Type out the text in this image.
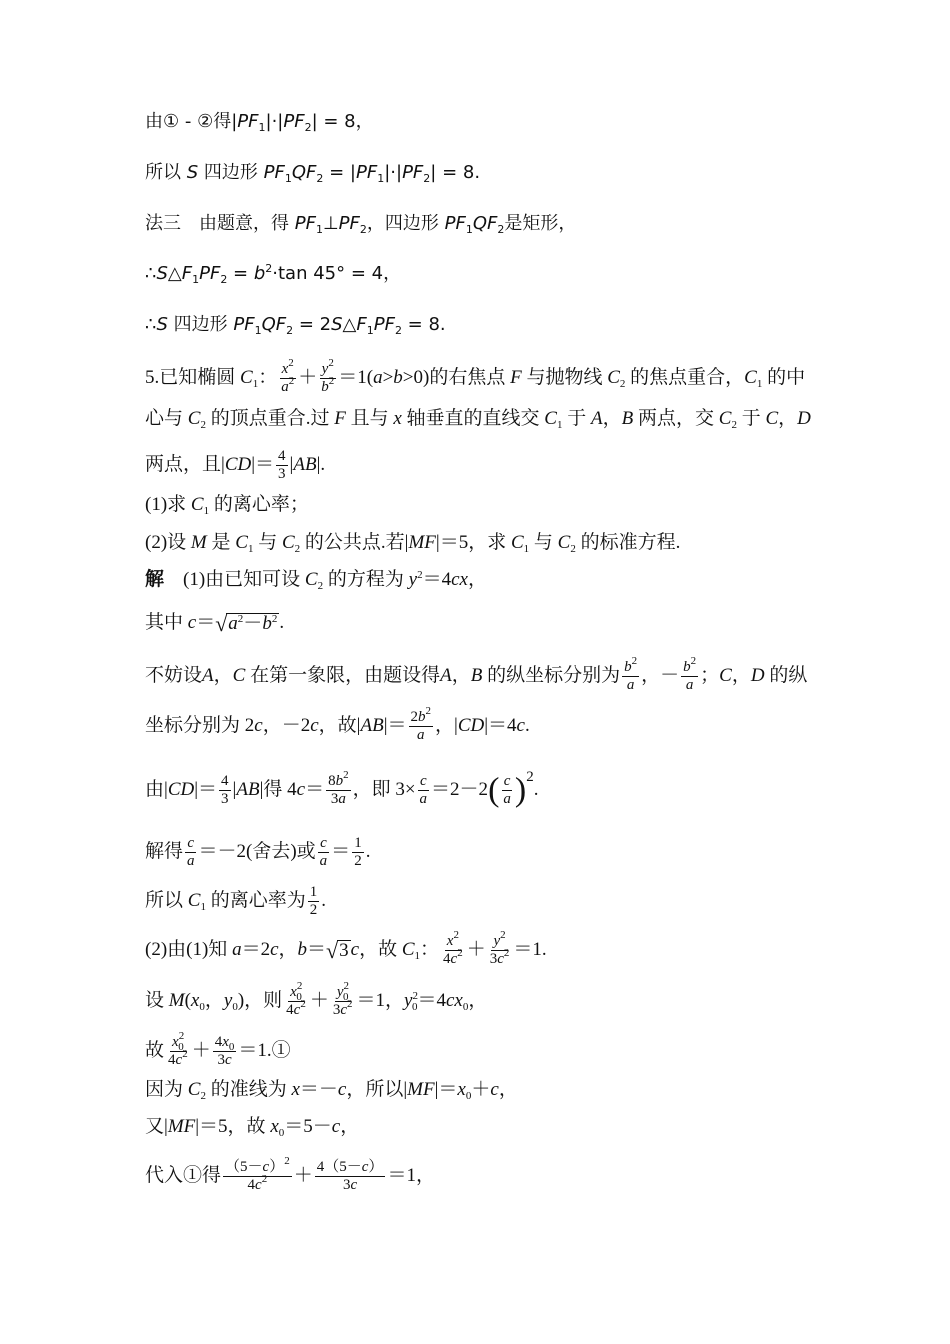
由① - ②得$|PF_1|\cdot|PF_2| = 8$，
所以 S 四边形 $PF_1QF_2 = |PF_1|\cdot|PF_2| = 8$.
法三　由题意，得 $PF_1\perp PF_2$，四边形 $PF_1QF_2$是矩形，
$\therefore S\triangle F_1PF_2 = b^2\cdot\tan$ 45° = 4，
∴S 四边形 $PF_1QF_2$ = $2S\triangle F_1PF_2 = 8$.
5.已知椭圆 $C_1$： $\frac{x^2}{a^2} + \frac{y^2}{b^2} =1(a>b>0)$的右焦点 F 与抛物线 $C_2$ 的焦点重合，$C_1$ 的中
心与 $C_2$ 的顶点重合.过 F 且与 x 轴垂直的直线交 $C_1$ 于 A，B 两点，交 $C_2$ 于 C，D
两点，且$|CD|= \frac{4}{3} |AB|$.
(1)求 $C_1$ 的离心率；
(2)设 M 是 $C_1$ 与 $C_2$ 的公共点.若|MF|＝5，求 $C_1$ 与 $C_2$ 的标准方程.
解　(1)由已知可设 $C_2$ 的方程为 $y^2=4cx$，
其中 c＝ √ $a^2-b^2$ .
不妨设A，C 在第一象限，由题设得A，B 的纵坐标分别为 $\frac{b^2}{a}$ ，－ $\frac{b^2}{a}$ ；C，D 的纵
坐标分别为 2c，－2c，故$|AB|= \frac{2b^2}{a}$ ，|CD|＝4c.
由$|CD|= \frac{4}{3} |AB|$得 $4c= \frac{8b^2}{3a}$ ，即 $3\times \frac{c}{a} =2-2( \frac{c}{a} )^2$.
解得 $\frac{c}{a} =-2$(舍去)或 $\frac{c}{a} = \frac{1}{2}$ .
所以 $C_1$ 的离心率为 $\frac{1}{2}$ .
(2)由(1)知 a＝2c，b＝ √ 3 c，故 $C_1$： $\frac{x^2}{4c^2} + \frac{y^2}{3c^2} =1$.
设 $M(x_0$，$y_0$)，则 $\frac{x^2_0}{4c^2} + \frac{y^2_0}{3c^2} =1$，$y^2_0=4cx_0$，
故 $\frac{x^2_0}{4c^2} + \frac{4x_0}{3c}$ ＝1.①
因为 $C_2$ 的准线为 x＝－c，所以$|MF|=x_0+c$，
又|MF|＝5，故 $x_0=5-c$，
代入①得 $\frac{(5-c)^2}{4c^2} + \frac{4(5-c)}{3c} =1$，
